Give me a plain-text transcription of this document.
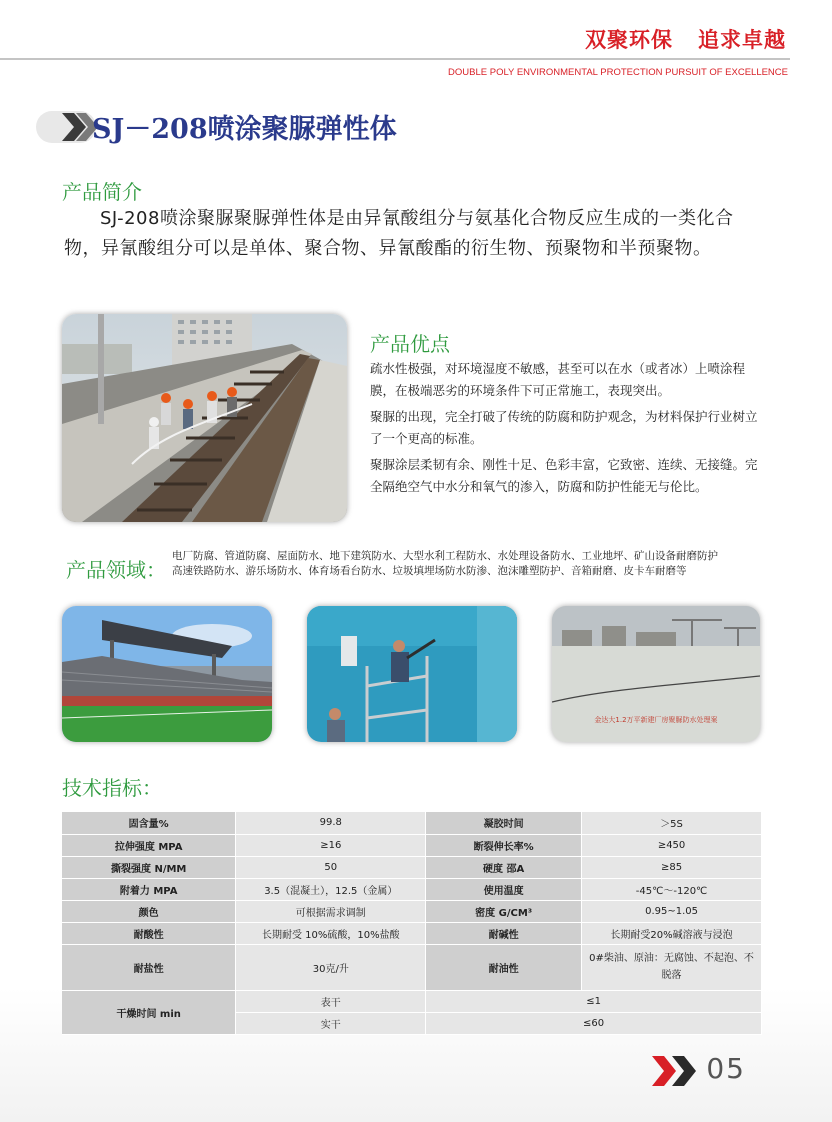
双聚环保   追求卓越
DOUBLE POLY ENVIRONMENTAL PROTECTION PURSUIT OF EXCELLENCE
SJ－208喷涂聚脲弹性体
产品简介
SJ-208喷涂聚脲聚脲弹性体是由异氰酸组分与氨基化合物反应生成的一类化合物，异氰酸组分可以是单体、聚合物、异氰酸酯的衍生物、预聚物和半预聚物。
产品优点

疏水性极强，对环境湿度不敏感，甚至可以在水（或者冰）上喷涂程膜，在极端恶劣的环境条件下可正常施工，表现突出。

聚脲的出现，完全打破了传统的防腐和防护观念，为材料保护行业树立了一个更高的标准。

聚脲涂层柔韧有余、刚性十足、色彩丰富，它致密、连续、无接缝。完全隔绝空气中水分和氧气的渗入，防腐和防护性能无与伦比。

产品领域：
电厂防腐、管道防腐、屋面防水、地下建筑防水、大型水利工程防水、水处理设备防水、工业地坪、矿山设备耐磨防护
高速铁路防水、游乐场防水、体育场看台防水、垃圾填埋场防水防渗、泡沫雕塑防护、音箱耐磨、皮卡车耐磨等
金达大1.2万平新建厂房聚脲防水处理案
技术指标：
固含量%	99.8	凝胶时间	＞5S
拉伸强度 MPA	≥16	断裂伸长率%	≥450
撕裂强度 N/MM	50	硬度 邵A	≥85
附着力 MPA	3.5（混凝土），12.5（金属）	使用温度	-45℃～-120℃
颜色	可根据需求调制	密度 G/CM³	0.95~1.05
耐酸性	长期耐受 10%硫酸，10%盐酸	耐碱性	长期耐受20%碱溶液与浸泡
耐盐性	30克/升	耐油性	0#柴油、原油：无腐蚀、不起泡、不脱落
干燥时间 min	表干	≤1	
	实干	≤60	
05
